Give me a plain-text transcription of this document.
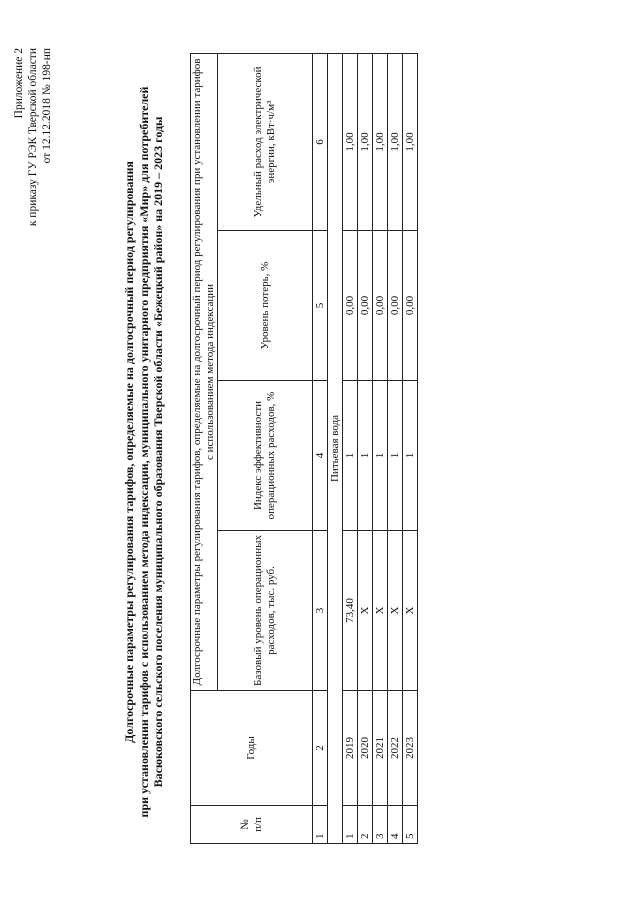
Приложение 2 к приказу ГУ РЭК Тверской области от 12.12.2018 № 198-нп
Долгосрочные параметры регулирования тарифов, определяемые на долгосрочный период регулирования при установлении тарифов с использованием метода индексации, муниципального унитарного предприятия «Мир» для потребителей Васюковского сельского поселения муниципального образования Тверской области «Бежецкий район» на 2019 – 2023 годы
№
п/п	Годы	Долгосрочные параметры регулирования тарифов, определяемые на долгосрочный период регулирования при установлении тарифов с использованием метода индексации			
		Базовый уровень операционных расходов, тыс. руб.	Индекс эффективности операционных расходов, %	Уровень потерь, %	Удельный расход электрической энергии, кВт·ч/м³
1	2	3	4	5	6
Питьевая вода					
1	2019	73,40	1	0,00	1,00
2	2020	X	1	0,00	1,00
3	2021	X	1	0,00	1,00
4	2022	X	1	0,00	1,00
5	2023	X	1	0,00	1,00
